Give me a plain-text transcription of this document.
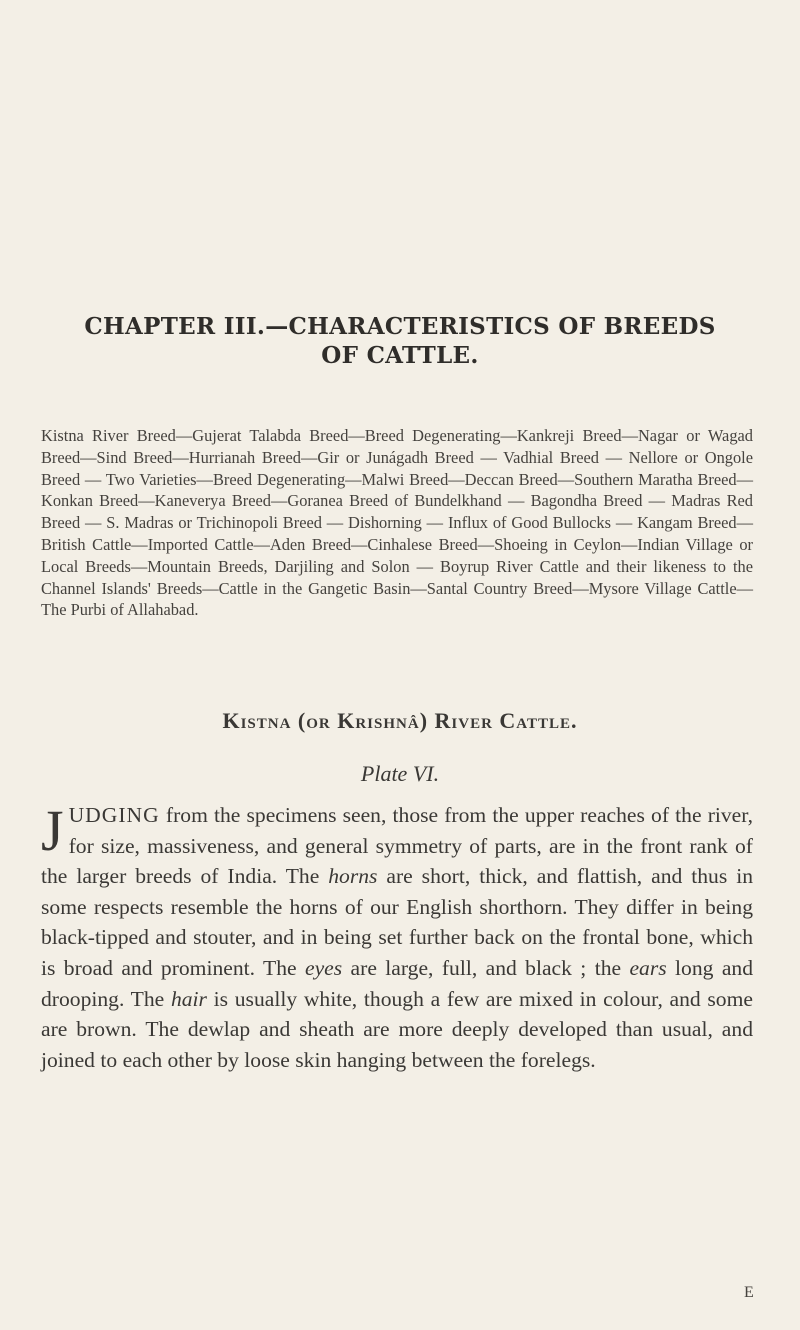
CHAPTER III.—CHARACTERISTICS OF BREEDS
OF CATTLE.

Kistna River Breed—Gujerat Talabda Breed—Breed Degenerating—Kankreji Breed—Nagar or Wagad Breed—Sind Breed—Hurrianah Breed—Gir or Junágadh Breed — Vadhial Breed — Nellore or Ongole Breed — Two Varieties—Breed Degenerating—Malwi Breed—Deccan Breed—Southern Maratha Breed—Konkan Breed—Kaneverya Breed—Goranea Breed of Bundelkhand — Bagondha Breed — Madras Red Breed — S. Madras or Trichinopoli Breed — Dishorning — Influx of Good Bullocks — Kangam Breed—British Cattle—Imported Cattle—Aden Breed—Cinhalese Breed—Shoeing in Ceylon—Indian Village or Local Breeds—Mountain Breeds, Darjiling and Solon — Boyrup River Cattle and their likeness to the Channel Islands' Breeds—Cattle in the Gangetic Basin—Santal Country Breed—Mysore Village Cattle—The Purbi of Allahabad.

Kistna (or Krishnâ) River Cattle.

Plate VI.

JUDGING from the specimens seen, those from the upper reaches of the river, for size, massiveness, and general symmetry of parts, are in the front rank of the larger breeds of India. The horns are short, thick, and flattish, and thus in some respects resemble the horns of our English shorthorn. They differ in being black-tipped and stouter, and in being set further back on the frontal bone, which is broad and prominent. The eyes are large, full, and black ; the ears long and drooping. The hair is usually white, though a few are mixed in colour, and some are brown. The dewlap and sheath are more deeply developed than usual, and joined to each other by loose skin hanging between the forelegs.

E
